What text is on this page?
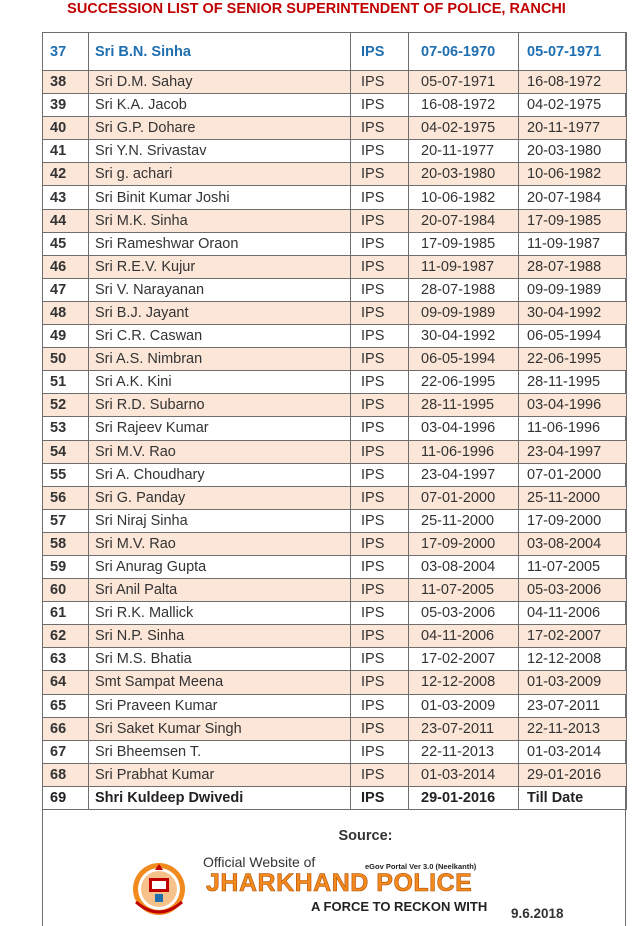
SUCCESSION LIST OF SENIOR SUPERINTENDENT OF POLICE, RANCHI
37	Sri B.N. Sinha	IPS	07-06-1970	05-07-1971
38	Sri D.M. Sahay	IPS	05-07-1971	16-08-1972
39	Sri K.A. Jacob	IPS	16-08-1972	04-02-1975
40	Sri G.P. Dohare	IPS	04-02-1975	20-11-1977
41	Sri Y.N. Srivastav	IPS	20-11-1977	20-03-1980
42	Sri g. achari	IPS	20-03-1980	10-06-1982
43	Sri Binit Kumar Joshi	IPS	10-06-1982	20-07-1984
44	Sri M.K. Sinha	IPS	20-07-1984	17-09-1985
45	Sri Rameshwar Oraon	IPS	17-09-1985	11-09-1987
46	Sri R.E.V. Kujur	IPS	11-09-1987	28-07-1988
47	Sri V. Narayanan	IPS	28-07-1988	09-09-1989
48	Sri B.J. Jayant	IPS	09-09-1989	30-04-1992
49	Sri C.R. Caswan	IPS	30-04-1992	06-05-1994
50	Sri A.S. Nimbran	IPS	06-05-1994	22-06-1995
51	Sri A.K. Kini	IPS	22-06-1995	28-11-1995
52	Sri R.D. Subarno	IPS	28-11-1995	03-04-1996
53	Sri Rajeev Kumar	IPS	03-04-1996	11-06-1996
54	Sri M.V. Rao	IPS	11-06-1996	23-04-1997
55	Sri A. Choudhary	IPS	23-04-1997	07-01-2000
56	Sri G. Panday	IPS	07-01-2000	25-11-2000
57	Sri Niraj Sinha	IPS	25-11-2000	17-09-2000
58	Sri M.V. Rao	IPS	17-09-2000	03-08-2004
59	Sri Anurag Gupta	IPS	03-08-2004	11-07-2005
60	Sri Anil Palta	IPS	11-07-2005	05-03-2006
61	Sri R.K. Mallick	IPS	05-03-2006	04-11-2006
62	Sri N.P. Sinha	IPS	04-11-2006	17-02-2007
63	Sri M.S. Bhatia	IPS	17-02-2007	12-12-2008
64	Smt Sampat Meena	IPS	12-12-2008	01-03-2009
65	Sri Praveen Kumar	IPS	01-03-2009	23-07-2011
66	Sri Saket Kumar Singh	IPS	23-07-2011	22-11-2013
67	Sri Bheemsen T.	IPS	22-11-2013	01-03-2014
68	Sri Prabhat Kumar	IPS	01-03-2014	29-01-2016
69	Shri Kuldeep Dwivedi	IPS	29-01-2016	Till Date
Source:
Official Website of	eGov Portal Ver 3.0 (Neelkanth)
JHARKHAND POLICE
A FORCE TO RECKON WITH 9.6.2018
